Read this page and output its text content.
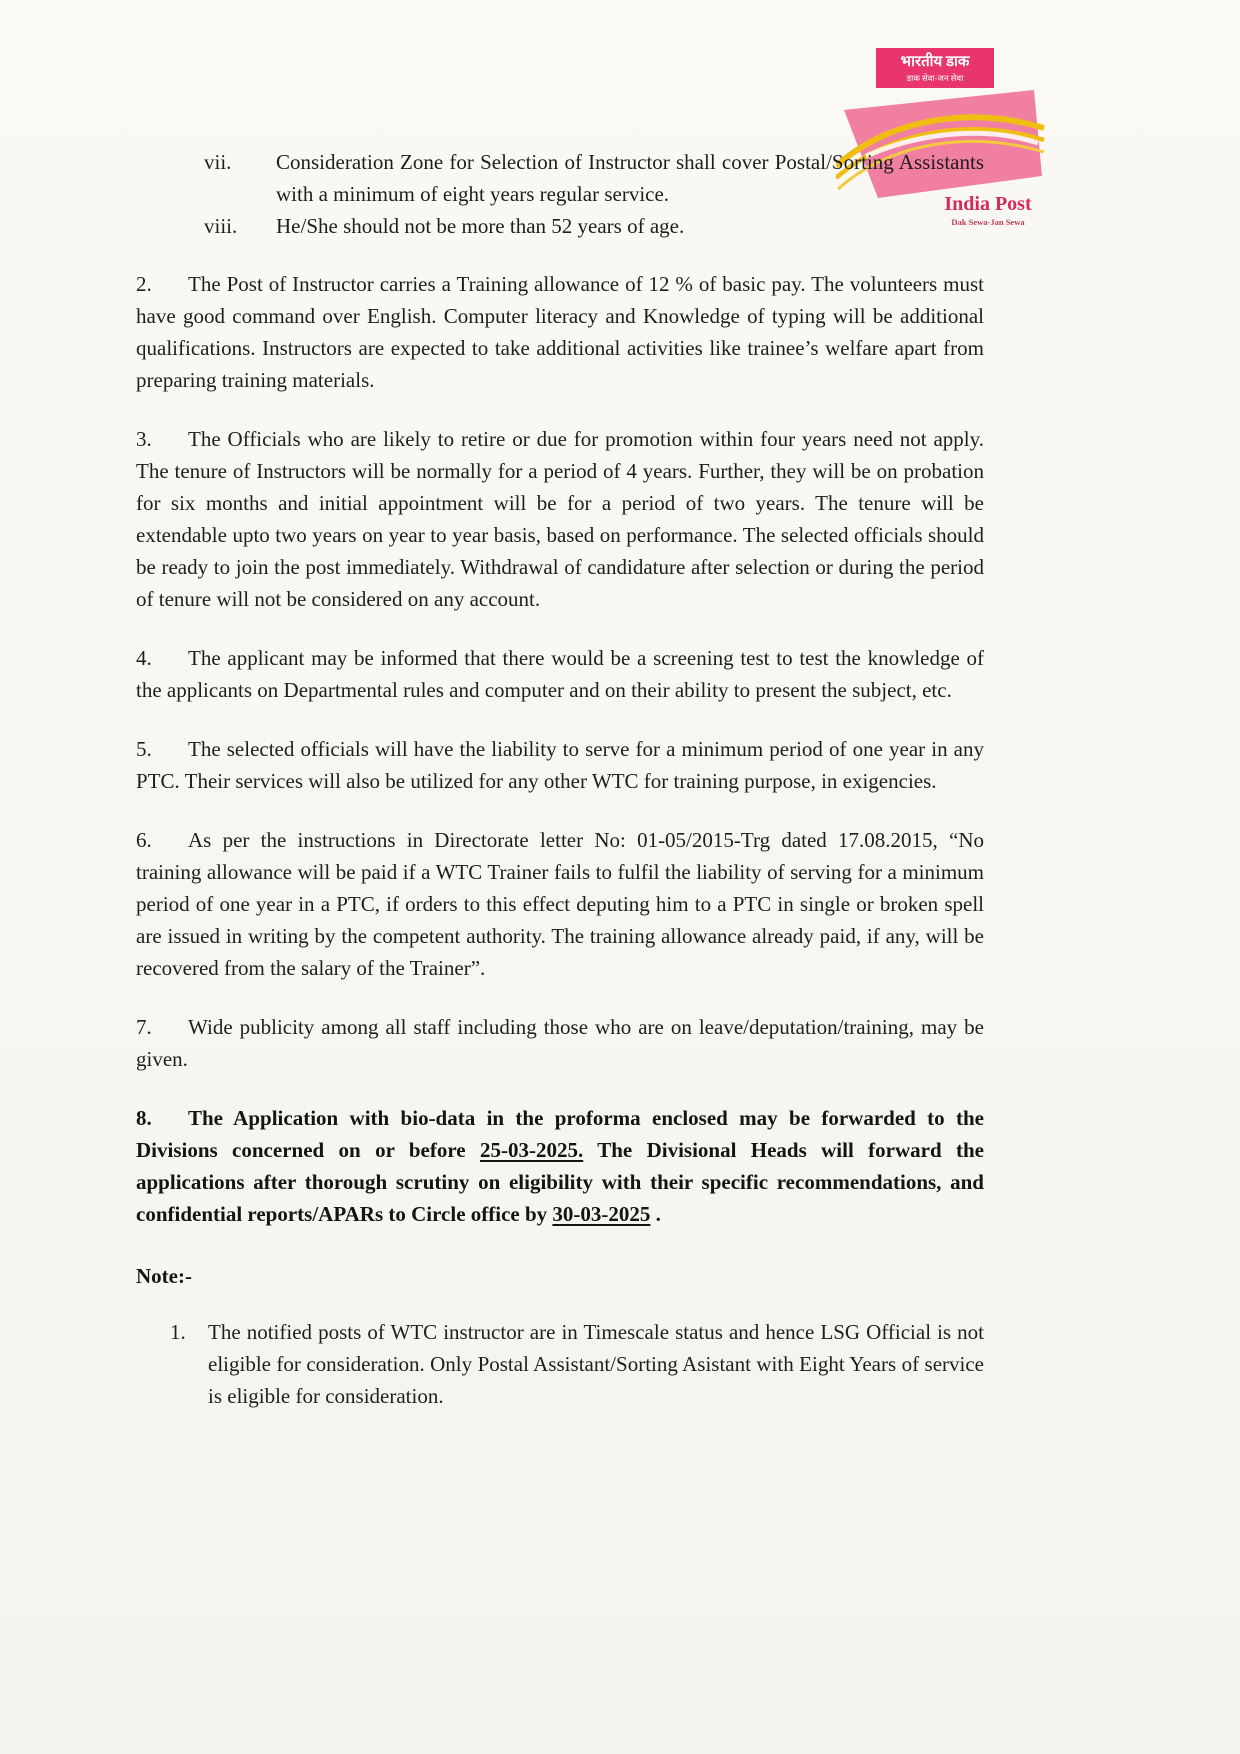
भारतीय डाक
डाक सेवा-जन सेवा
India Post
Dak Sewa-Jan Sewa
vii.	Consideration Zone for Selection of Instructor shall cover Postal/Sorting Assistants with a minimum of eight years regular service.
viii.	He/She should not be more than 52 years of age.

2. The Post of Instructor carries a Training allowance of 12 % of basic pay. The volunteers must have good command over English. Computer literacy and Knowledge of typing will be additional qualifications. Instructors are expected to take additional activities like trainee’s welfare apart from preparing training materials.

3. The Officials who are likely to retire or due for promotion within four years need not apply. The tenure of Instructors will be normally for a period of 4 years. Further, they will be on probation for six months and initial appointment will be for a period of two years. The tenure will be extendable upto two years on year to year basis, based on performance. The selected officials should be ready to join the post immediately. Withdrawal of candidature after selection or during the period of tenure will not be considered on any account.

4. The applicant may be informed that there would be a screening test to test the knowledge of the applicants on Departmental rules and computer and on their ability to present the subject, etc.

5. The selected officials will have the liability to serve for a minimum period of one year in any PTC. Their services will also be utilized for any other WTC for training purpose, in exigencies.

6. As per the instructions in Directorate letter No: 01-05/2015-Trg dated 17.08.2015, “No training allowance will be paid if a WTC Trainer fails to fulfil the liability of serving for a minimum period of one year in a PTC, if orders to this effect deputing him to a PTC in single or broken spell are issued in writing by the competent authority. The training allowance already paid, if any, will be recovered from the salary of the Trainer”.

7. Wide publicity among all staff including those who are on leave/deputation/training, may be given.

8. The Application with bio-data in the proforma enclosed may be forwarded to the Divisions concerned on or before 25-03-2025. The Divisional Heads will forward the applications after thorough scrutiny on eligibility with their specific recommendations, and confidential reports/APARs to Circle office by 30-03-2025 .

Note:-

1.	The notified posts of WTC instructor are in Timescale status and hence LSG Official is not eligible for consideration. Only Postal Assistant/Sorting Asistant with Eight Years of service is eligible for consideration.
